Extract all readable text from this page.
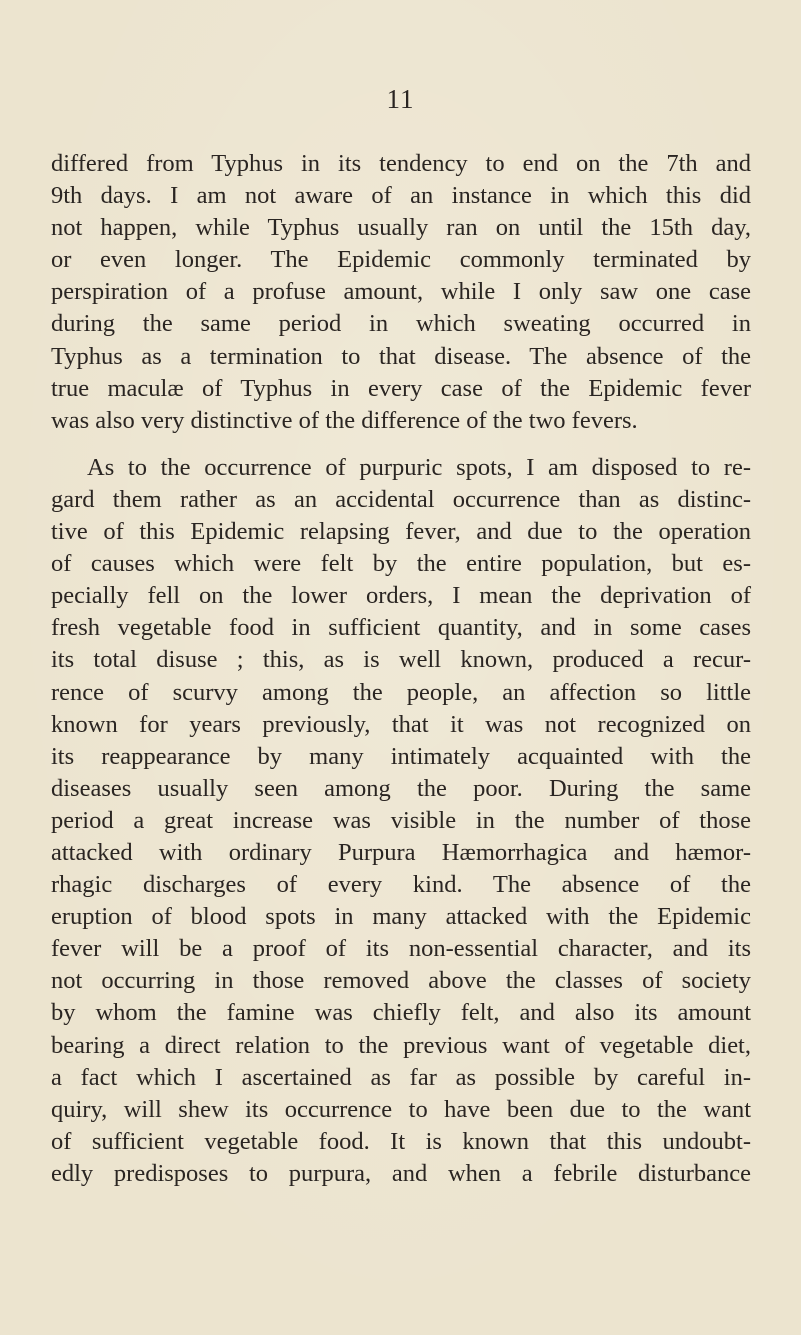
11
differed from Typhus in its tendency to end on the 7th and
9th days. I am not aware of an instance in which this did
not happen, while Typhus usually ran on until the 15th day,
or even longer. The Epidemic commonly terminated by
perspiration of a profuse amount, while I only saw one case
during the same period in which sweating occurred in
Typhus as a termination to that disease. The absence of the
true maculæ of Typhus in every case of the Epidemic fever
was also very distinctive of the difference of the two fevers.
As to the occurrence of purpuric spots, I am disposed to re-
gard them rather as an accidental occurrence than as distinc-
tive of this Epidemic relapsing fever, and due to the operation
of causes which were felt by the entire population, but es-
pecially fell on the lower orders, I mean the deprivation of
fresh vegetable food in sufficient quantity, and in some cases
its total disuse ; this, as is well known, produced a recur-
rence of scurvy among the people, an affection so little
known for years previously, that it was not recognized on
its reappearance by many intimately acquainted with the
diseases usually seen among the poor. During the same
period a great increase was visible in the number of those
attacked with ordinary Purpura Hæmorrhagica and hæmor-
rhagic discharges of every kind. The absence of the
eruption of blood spots in many attacked with the Epidemic
fever will be a proof of its non-essential character, and its
not occurring in those removed above the classes of society
by whom the famine was chiefly felt, and also its amount
bearing a direct relation to the previous want of vegetable diet,
a fact which I ascertained as far as possible by careful in-
quiry, will shew its occurrence to have been due to the want
of sufficient vegetable food. It is known that this undoubt-
edly predisposes to purpura, and when a febrile disturbance
